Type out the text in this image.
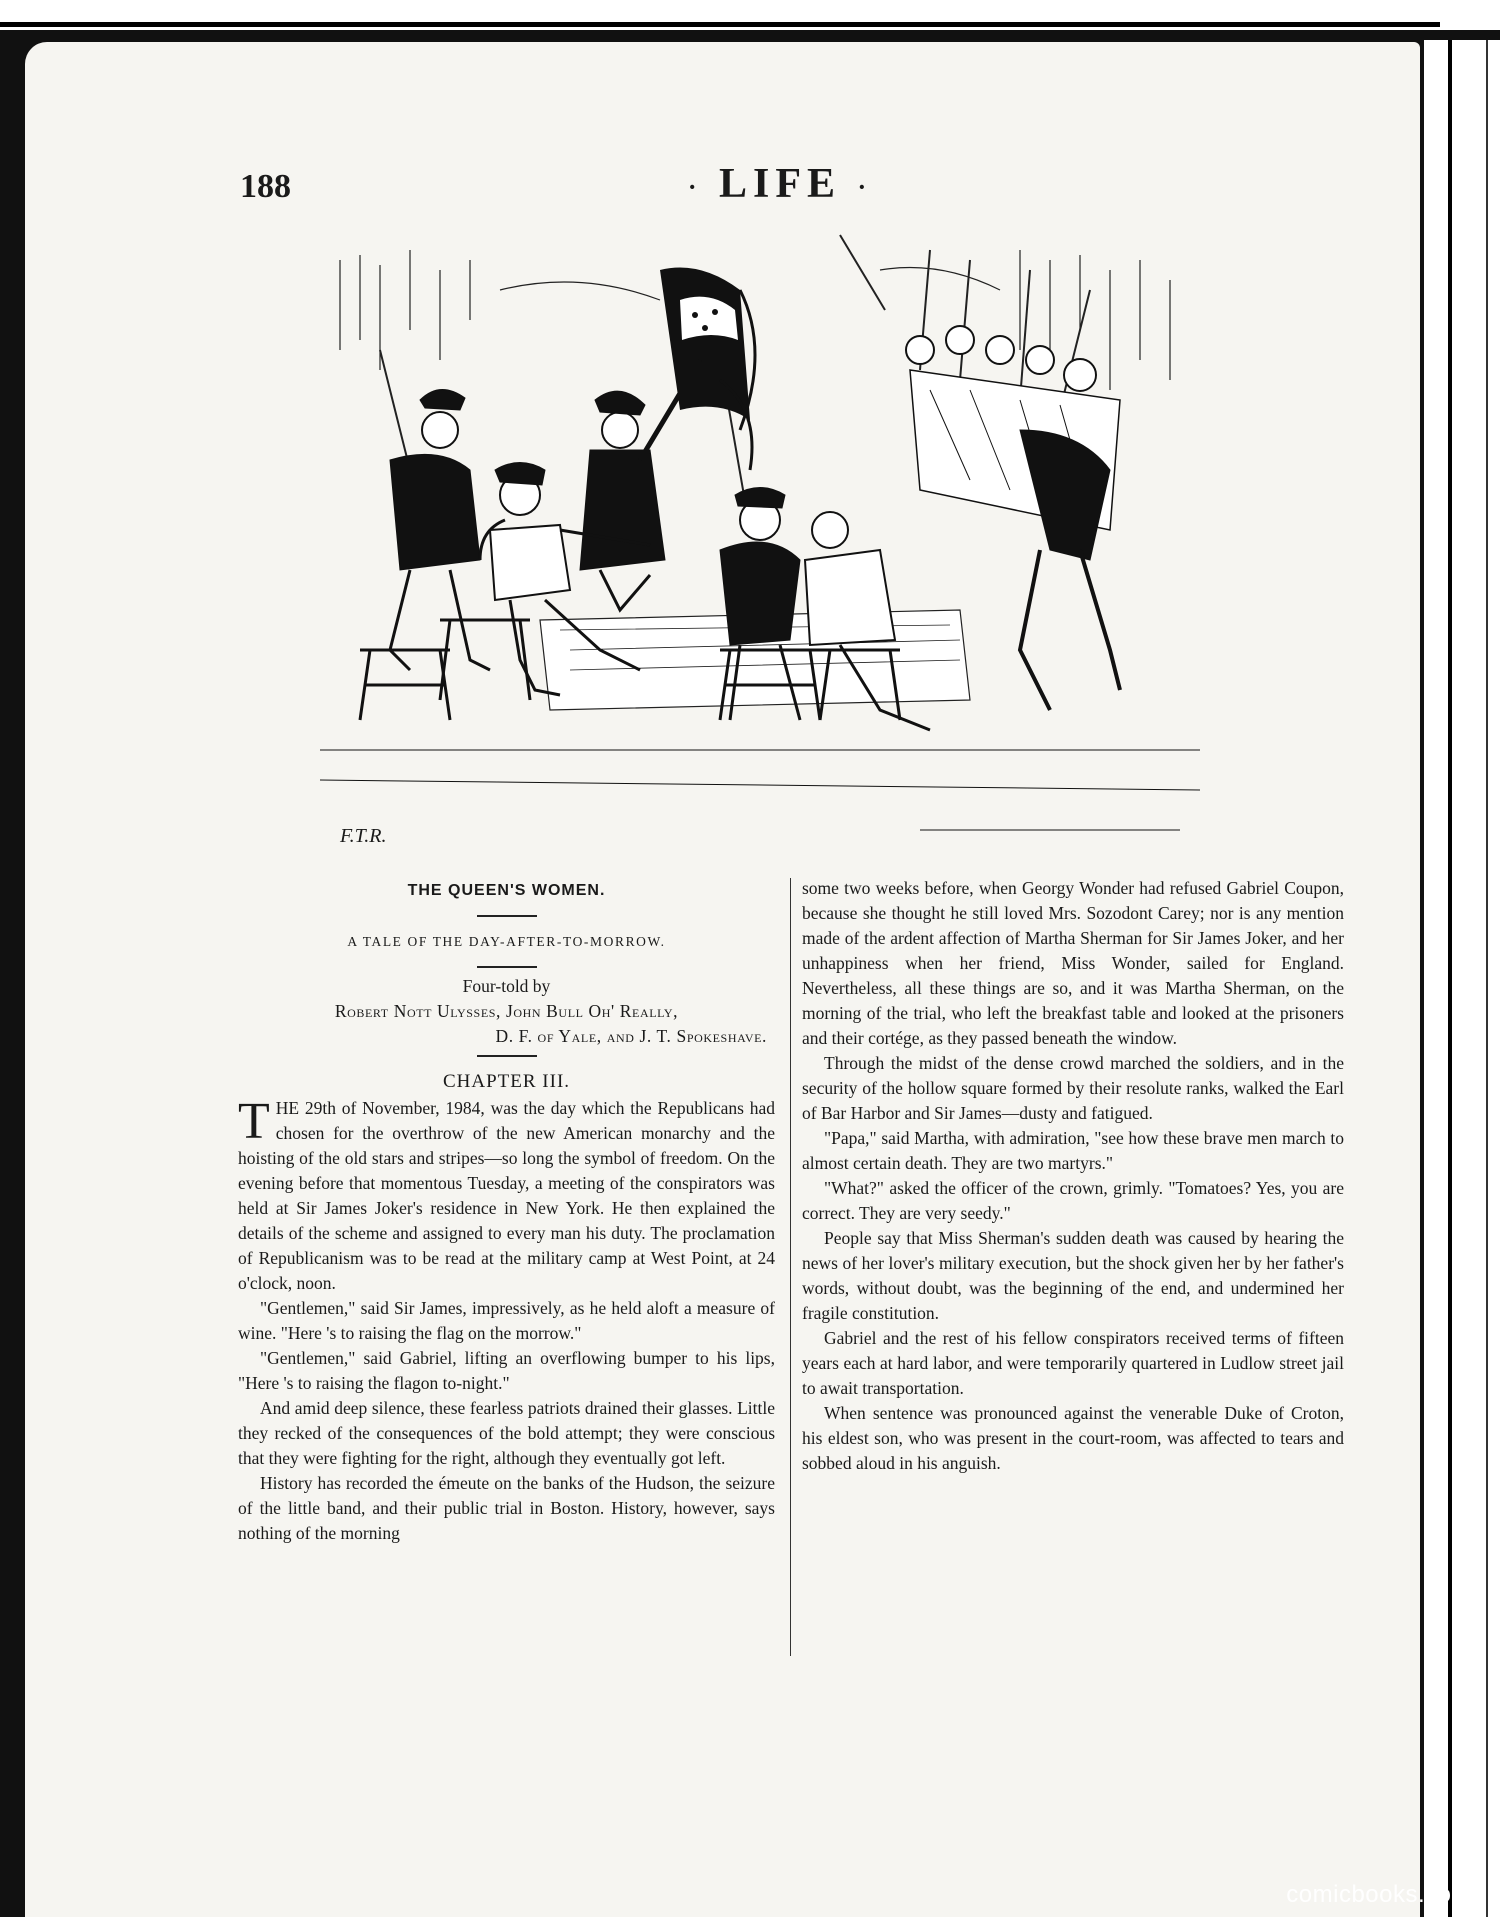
188	· LIFE ·
F.T.R.
THE QUEEN'S WOMEN.
A TALE OF THE DAY-AFTER-TO-MORROW.
Four-told by
Robert Nott Ulysses, John Bull Oh' Really,
D. F. of Yale, and J. T. Spokeshave.
CHAPTER III.

THE 29th of November, 1984, was the day which the Republicans had chosen for the overthrow of the new American monarchy and the hoisting of the old stars and stripes—so long the symbol of freedom. On the evening before that momentous Tuesday, a meeting of the conspirators was held at Sir James Joker's residence in New York. He then explained the details of the scheme and assigned to every man his duty. The proclamation of Republicanism was to be read at the military camp at West Point, at 24 o'clock, noon.

"Gentlemen," said Sir James, impressively, as he held aloft a measure of wine. "Here 's to raising the flag on the morrow."

"Gentlemen," said Gabriel, lifting an overflowing bumper to his lips, "Here 's to raising the flagon to-night."

And amid deep silence, these fearless patriots drained their glasses. Little they recked of the consequences of the bold attempt; they were conscious that they were fighting for the right, although they eventually got left.

History has recorded the émeute on the banks of the Hudson, the seizure of the little band, and their public trial in Boston. History, however, says nothing of the morning

some two weeks before, when Georgy Wonder had refused Gabriel Coupon, because she thought he still loved Mrs. Sozodont Carey; nor is any mention made of the ardent affection of Martha Sherman for Sir James Joker, and her unhappiness when her friend, Miss Wonder, sailed for England. Nevertheless, all these things are so, and it was Martha Sherman, on the morning of the trial, who left the breakfast table and looked at the prisoners and their cortége, as they passed beneath the window.

Through the midst of the dense crowd marched the soldiers, and in the security of the hollow square formed by their resolute ranks, walked the Earl of Bar Harbor and Sir James—dusty and fatigued.

"Papa," said Martha, with admiration, "see how these brave men march to almost certain death. They are two martyrs."

"What?" asked the officer of the crown, grimly. "Tomatoes? Yes, you are correct. They are very seedy."

People say that Miss Sherman's sudden death was caused by hearing the news of her lover's military execution, but the shock given her by her father's words, without doubt, was the beginning of the end, and undermined her fragile constitution.

Gabriel and the rest of his fellow conspirators received terms of fifteen years each at hard labor, and were temporarily quartered in Ludlow street jail to await transportation.

When sentence was pronounced against the venerable Duke of Croton, his eldest son, who was present in the court-room, was affected to tears and sobbed aloud in his anguish.

comicbooks.com
